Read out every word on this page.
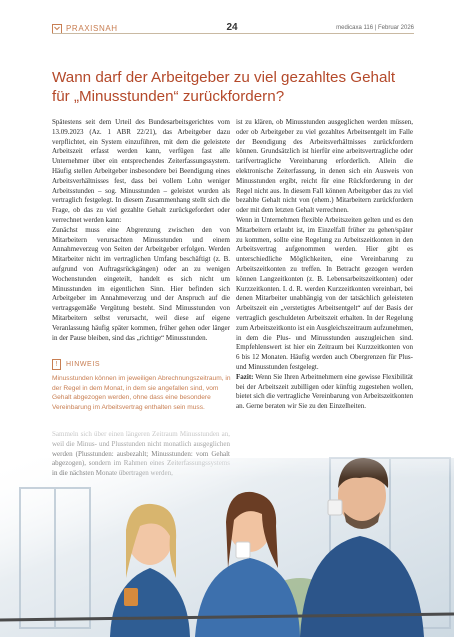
PRAXISNAH	24	medicaxa 116 | Februar 2026
Wann darf der Arbeitgeber zu viel gezahltes Gehalt
für „Minusstunden“ zurückfordern?

Spätestens seit dem Urteil des Bundesarbeitsgerichtes vom 13.09.2023 (Az. 1 ABR 22/21), das Arbeitgeber dazu verpflichtet, ein System einzuführen, mit dem die geleistete Arbeitszeit erfasst werden kann, verfügen fast alle Unternehmer über ein entsprechendes Zeiterfassungssystem. Häufig stellen Arbeitgeber insbesondere bei Beendigung eines Arbeitsverhältnisses fest, dass bei vollem Lohn weniger Arbeitsstunden – sog. Minusstunden – geleistet wurden als vertraglich festgelegt. In diesem Zusammenhang stellt sich die Frage, ob das zu viel gezahlte Gehalt zurückgefordert oder verrechnet werden kann:

Zunächst muss eine Abgrenzung zwischen den von Mitarbeitern verursachten Minusstunden und einem Annahmeverzug von Seiten der Arbeitgeber erfolgen. Werden Mitarbeiter nicht im vertraglichen Umfang beschäftigt (z. B. aufgrund von Auftragsrückgängen) oder an zu wenigen Wochenstunden eingeteilt, handelt es sich nicht um Minusstunden im eigentlichen Sinn. Hier befinden sich Arbeitgeber im Annahmeverzug und der Anspruch auf die vertragsgemäße Vergütung besteht. Sind Minusstunden von Mitarbeitern selbst verursacht, weil diese auf eigene Veranlassung häufig später kommen, früher gehen oder länger in der Pause bleiben, sind das „richtige“ Minusstunden.

!	HINWEIS
Minusstunden können im jeweiligen Abrechnungszeitraum, in der Regel in dem Monat, in dem sie angefallen sind, vom Gehalt abgezogen werden, ohne dass eine besondere Vereinbarung im Arbeitsvertrag enthalten sein muss.

ist zu klären, ob Minusstunden ausgeglichen werden müssen, oder ob Arbeitgeber zu viel gezahltes Arbeitsentgelt im Falle der Beendigung des Arbeitsverhältnisses zurückfordern können. Grundsätzlich ist hierfür eine arbeitsvertragliche oder tarifvertragliche Vereinbarung erforderlich. Allein die elektronische Zeiterfassung, in denen sich ein Ausweis von Minusstunden ergibt, reicht für eine Rückforderung in der Regel nicht aus. In diesem Fall können Arbeitgeber das zu viel bezahlte Gehalt nicht von (ehem.) Mitarbeitern zurückfordern oder mit dem letzten Gehalt verrechnen.

Wenn in Unternehmen flexible Arbeitszeiten gelten und es den Mitarbeitern erlaubt ist, im Einzelfall früher zu gehen/später zu kommen, sollte eine Regelung zu Arbeitszeitkonten in den Arbeitsvertrag aufgenommen werden. Hier gibt es unterschiedliche Möglichkeiten, eine Vereinbarung zu Arbeitszeitkonten zu treffen. In Betracht gezogen werden können Langzeitkonten (z. B. Lebensarbeitszeitkonten) oder Kurzzeitkonten. I. d. R. werden Kurzzeitkonten vereinbart, bei denen Mitarbeiter unabhängig von der tatsächlich geleisteten Arbeitszeit ein „verstetigtes Arbeitsentgelt“ auf der Basis der vertraglich geschuldeten Arbeitszeit erhalten. In der Regelung zum Arbeitszeitkonto ist ein Ausgleichszeitraum aufzunehmen, in dem die Plus- und Minusstunden auszugleichen sind. Empfehlenswert ist hier ein Zeitraum bei Kurzzeitkonten von 6 bis 12 Monaten. Häufig werden auch Obergrenzen für Plus- und Minusstunden festgelegt.

Fazit: Wenn Sie Ihren Arbeitnehmern eine gewisse Flexibilität bei der Arbeitszeit zubilligen oder künftig zugestehen wollen, bietet sich die vertragliche Vereinbarung von Arbeitszeitkonten an. Gerne beraten wir Sie zu den Einzelheiten.
